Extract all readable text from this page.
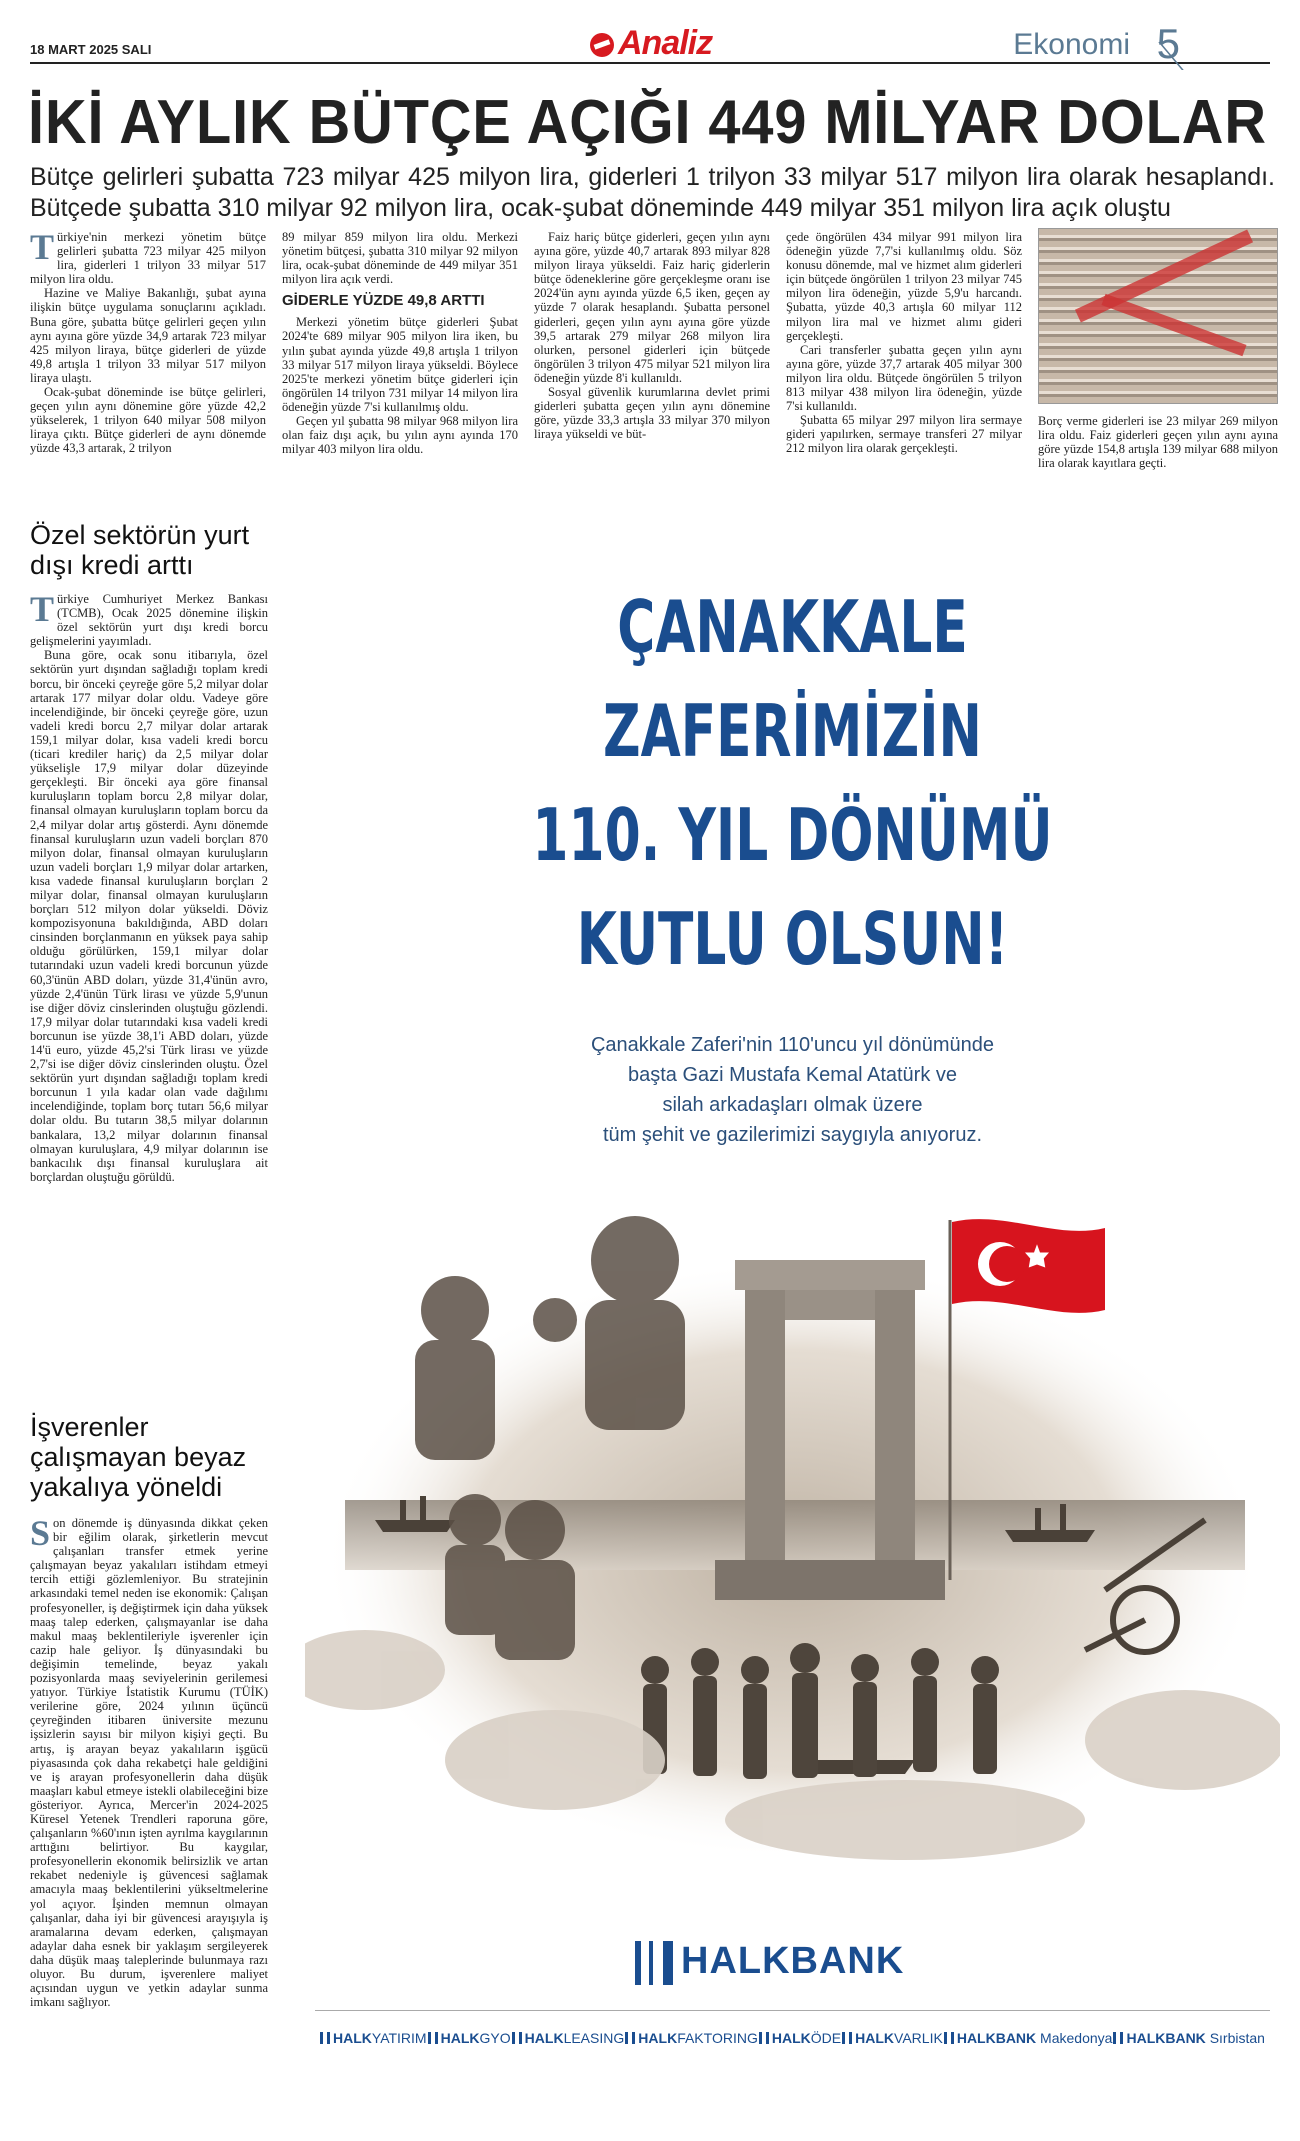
18 MART 2025 SALI	Analiz	Ekonomi 5
İKİ AYLIK BÜTÇE AÇIĞI 449 MİLYAR DOLAR
Bütçe gelirleri şubatta 723 milyar 425 milyon lira, giderleri 1 trilyon 33 milyar 517 milyon lira olarak hesaplandı. Bütçede şubatta 310 milyar 92 milyon lira, ocak-şubat döneminde 449 milyar 351 milyon lira açık oluştu

Türkiye'nin merkezi yönetim bütçe gelirleri şubatta 723 milyar 425 milyon lira, giderleri 1 trilyon 33 milyar 517 milyon lira oldu.

Hazine ve Maliye Bakanlığı, şubat ayına ilişkin bütçe uygulama sonuçlarını açıkladı. Buna göre, şubatta bütçe gelirleri geçen yılın aynı ayına göre yüzde 34,9 artarak 723 milyar 425 milyon liraya, bütçe giderleri de yüzde 49,8 artışla 1 trilyon 33 milyar 517 milyon liraya ulaştı.

Ocak-şubat döneminde ise bütçe gelirleri, geçen yılın aynı dönemine göre yüzde 42,2 yükselerek, 1 trilyon 640 milyar 508 milyon liraya çıktı. Bütçe giderleri de aynı dönemde yüzde 43,3 artarak, 2 trilyon

89 milyar 859 milyon lira oldu. Merkezi yönetim bütçesi, şubatta 310 milyar 92 milyon lira, ocak-şubat döneminde de 449 milyar 351 milyon lira açık verdi.

GİDERLE YÜZDE 49,8 ARTTI

Merkezi yönetim bütçe giderleri Şubat 2024'te 689 milyar 905 milyon lira iken, bu yılın şubat ayında yüzde 49,8 artışla 1 trilyon 33 milyar 517 milyon liraya yükseldi. Böylece 2025'te merkezi yönetim bütçe giderleri için öngörülen 14 trilyon 731 milyar 14 milyon lira ödeneğin yüzde 7'si kullanılmış oldu.

Geçen yıl şubatta 98 milyar 968 milyon lira olan faiz dışı açık, bu yılın aynı ayında 170 milyar 403 milyon lira oldu.

Faiz hariç bütçe giderleri, geçen yılın aynı ayına göre, yüzde 40,7 artarak 893 milyar 828 milyon liraya yükseldi. Faiz hariç giderlerin bütçe ödeneklerine göre gerçekleşme oranı ise 2024'ün aynı ayında yüzde 6,5 iken, geçen ay yüzde 7 olarak hesaplandı. Şubatta personel giderleri, geçen yılın aynı ayına göre yüzde 39,5 artarak 279 milyar 268 milyon lira olurken, personel giderleri için bütçede öngörülen 3 trilyon 475 milyar 521 milyon lira ödeneğin yüzde 8'i kullanıldı.

Sosyal güvenlik kurumlarına devlet primi giderleri şubatta geçen yılın aynı dönemine göre, yüzde 33,3 artışla 33 milyar 370 milyon liraya yükseldi ve büt-

çede öngörülen 434 milyar 991 milyon lira ödeneğin yüzde 7,7'si kullanılmış oldu. Söz konusu dönemde, mal ve hizmet alım giderleri için bütçede öngörülen 1 trilyon 23 milyar 745 milyon lira ödeneğin, yüzde 5,9'u harcandı. Şubatta, yüzde 40,3 artışla 60 milyar 112 milyon lira mal ve hizmet alımı gideri gerçekleşti.

Cari transferler şubatta geçen yılın aynı ayına göre, yüzde 37,7 artarak 405 milyar 300 milyon lira oldu. Bütçede öngörülen 5 trilyon 813 milyar 438 milyon lira ödeneğin, yüzde 7'si kullanıldı.

Şubatta 65 milyar 297 milyon lira sermaye gideri yapılırken, sermaye transferi 27 milyar 212 milyon lira olarak gerçekleşti.

Borç verme giderleri ise 23 milyar 269 milyon lira oldu. Faiz giderleri geçen yılın aynı ayına göre yüzde 154,8 artışla 139 milyar 688 milyon lira olarak kayıtlara geçti.

Özel sektörün yurt dışı kredi arttı

Türkiye Cumhuriyet Merkez Bankası (TCMB), Ocak 2025 dönemine ilişkin özel sektörün yurt dışı kredi borcu gelişmelerini yayımladı.

Buna göre, ocak sonu itibarıyla, özel sektörün yurt dışından sağladığı toplam kredi borcu, bir önceki çeyreğe göre 5,2 milyar dolar artarak 177 milyar dolar oldu. Vadeye göre incelendiğinde, bir önceki çeyreğe göre, uzun vadeli kredi borcu 2,7 milyar dolar artarak 159,1 milyar dolar, kısa vadeli kredi borcu (ticari krediler hariç) da 2,5 milyar dolar yükselişle 17,9 milyar dolar düzeyinde gerçekleşti. Bir önceki aya göre finansal kuruluşların toplam borcu 2,8 milyar dolar, finansal olmayan kuruluşların toplam borcu da 2,4 milyar dolar artış gösterdi. Aynı dönemde finansal kuruluşların uzun vadeli borçları 870 milyon dolar, finansal olmayan kuruluşların uzun vadeli borçları 1,9 milyar dolar artarken, kısa vadede finansal kuruluşların borçları 2 milyar dolar, finansal olmayan kuruluşların borçları 512 milyon dolar yükseldi. Döviz kompozisyonuna bakıldığında, ABD doları cinsinden borçlanmanın en yüksek paya sahip olduğu görülürken, 159,1 milyar dolar tutarındaki uzun vadeli kredi borcunun yüzde 60,3'ünün ABD doları, yüzde 31,4'ünün avro, yüzde 2,4'ünün Türk lirası ve yüzde 5,9'unun ise diğer döviz cinslerinden oluştuğu gözlendi. 17,9 milyar dolar tutarındaki kısa vadeli kredi borcunun ise yüzde 38,1'i ABD doları, yüzde 14'ü euro, yüzde 45,2'si Türk lirası ve yüzde 2,7'si ise diğer döviz cinslerinden oluştu. Özel sektörün yurt dışından sağladığı toplam kredi borcunun 1 yıla kadar olan vade dağılımı incelendiğinde, toplam borç tutarı 56,6 milyar dolar oldu. Bu tutarın 38,5 milyar dolarının bankalara, 13,2 milyar dolarının finansal olmayan kuruluşlara, 4,9 milyar dolarının ise bankacılık dışı finansal kuruluşlara ait borçlardan oluştuğu görüldü.

İşverenler çalışmayan beyaz yakalıya yöneldi

Son dönemde iş dünyasında dikkat çeken bir eğilim olarak, şirketlerin mevcut çalışanları transfer etmek yerine çalışmayan beyaz yakalıları istihdam etmeyi tercih ettiği gözlemleniyor. Bu stratejinin arkasındaki temel neden ise ekonomik: Çalışan profesyoneller, iş değiştirmek için daha yüksek maaş talep ederken, çalışmayanlar ise daha makul maaş beklentileriyle işverenler için cazip hale geliyor. İş dünyasındaki bu değişimin temelinde, beyaz yakalı pozisyonlarda maaş seviyelerinin gerilemesi yatıyor. Türkiye İstatistik Kurumu (TÜİK) verilerine göre, 2024 yılının üçüncü çeyreğinden itibaren üniversite mezunu işsizlerin sayısı bir milyon kişiyi geçti. Bu artış, iş arayan beyaz yakalıların işgücü piyasasında çok daha rekabetçi hale geldiğini ve iş arayan profesyonellerin daha düşük maaşları kabul etmeye istekli olabileceğini bize gösteriyor. Ayrıca, Mercer'in 2024-2025 Küresel Yetenek Trendleri raporuna göre, çalışanların %60'ının işten ayrılma kaygılarının arttığını belirtiyor. Bu kaygılar, profesyonellerin ekonomik belirsizlik ve artan rekabet nedeniyle iş güvencesi sağlamak amacıyla maaş beklentilerini yükseltmelerine yol açıyor. İşinden memnun olmayan çalışanlar, daha iyi bir güvencesi arayışıyla iş aramalarına devam ederken, çalışmayan adaylar daha esnek bir yaklaşım sergileyerek daha düşük maaş taleplerinde bulunmaya razı oluyor. Bu durum, işverenlere maliyet açısından uygun ve yetkin adaylar sunma imkanı sağlıyor.

ÇANAKKALE
ZAFERİMİZİN
110. YIL DÖNÜMÜ
KUTLU OLSUN!
Çanakkale Zaferi'nin 110'uncu yıl dönümünde
başta Gazi Mustafa Kemal Atatürk ve
silah arkadaşları olmak üzere
tüm şehit ve gazilerimizi saygıyla anıyoruz.
HALKBANK
HALKYATIRIM	HALKGYO	HALKLEASING	HALKFAKTORING	HALKÖDE	HALKVARLIK	HALKBANK Makedonya	HALKBANK Sırbistan
